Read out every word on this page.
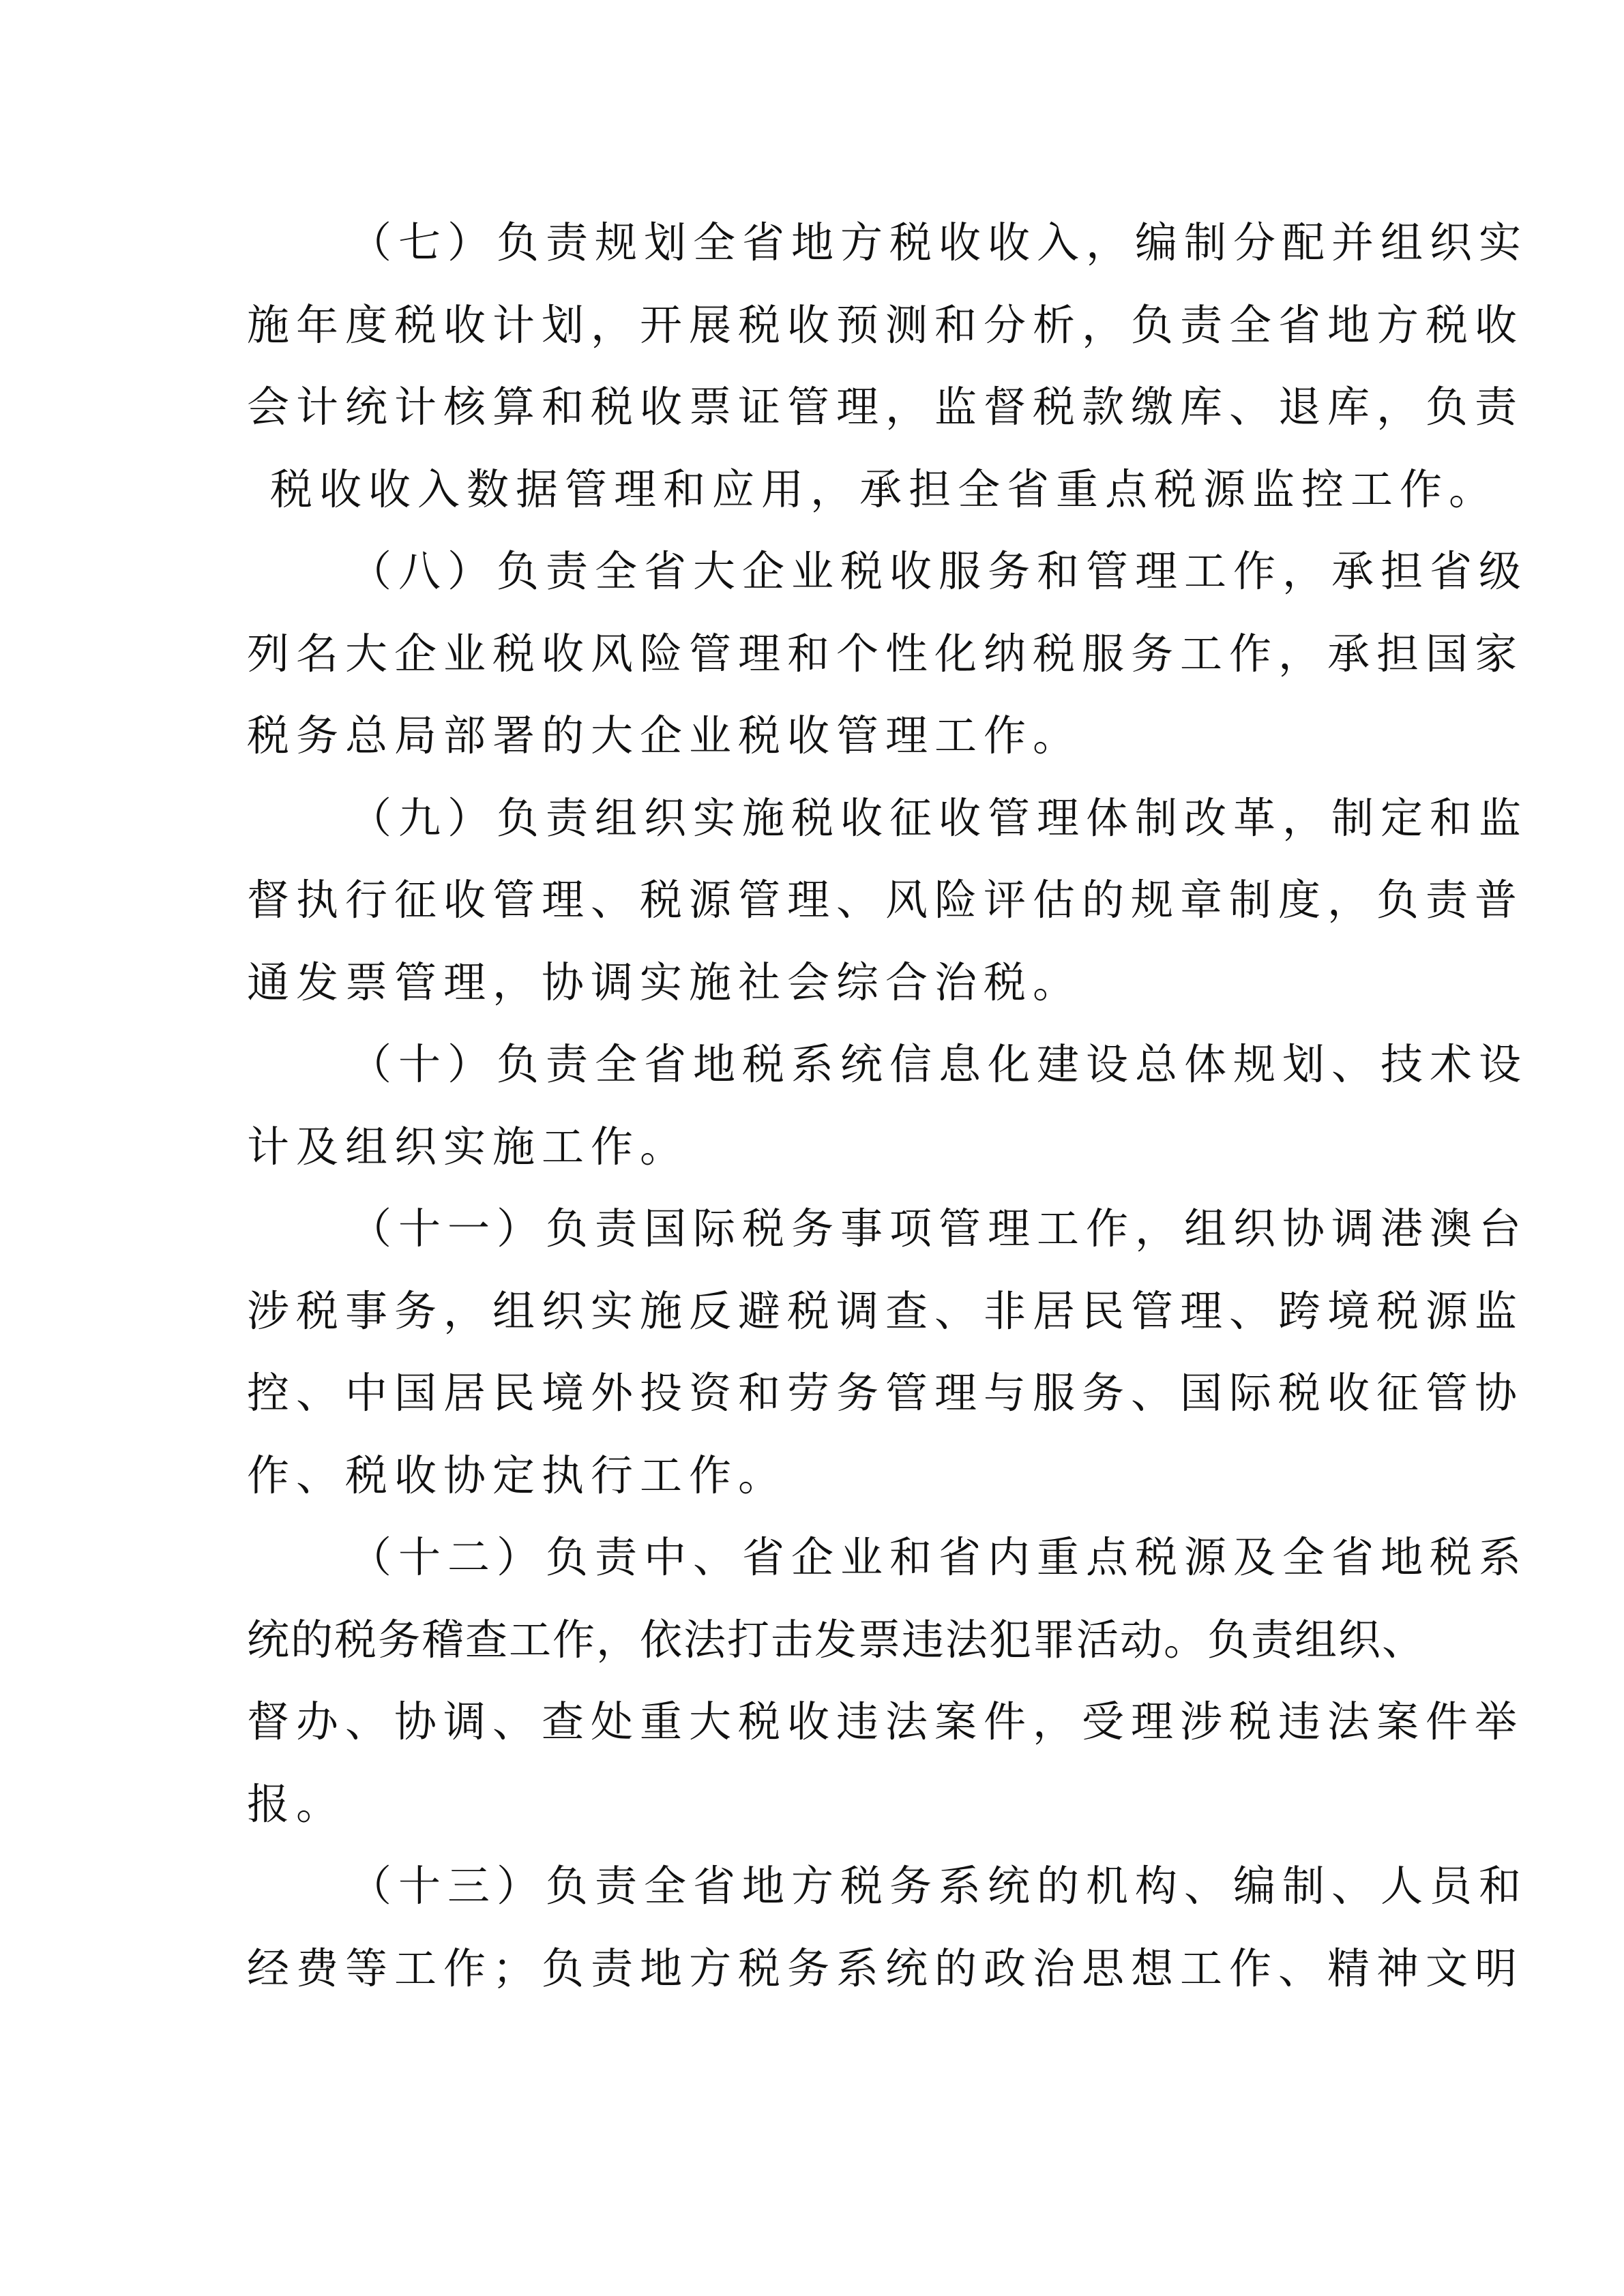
（七）负责规划全省地方税收收入，编制分配并组织实
施年度税收计划，开展税收预测和分析，负责全省地方税收
会计统计核算和税收票证管理，监督税款缴库、退库，负责
税收收入数据管理和应用，承担全省重点税源监控工作。

（八）负责全省大企业税收服务和管理工作，承担省级
列名大企业税收风险管理和个性化纳税服务工作，承担国家
税务总局部署的大企业税收管理工作。

（九）负责组织实施税收征收管理体制改革，制定和监
督执行征收管理、税源管理、风险评估的规章制度，负责普
通发票管理，协调实施社会综合治税。

（十）负责全省地税系统信息化建设总体规划、技术设
计及组织实施工作。

（十一）负责国际税务事项管理工作，组织协调港澳台
涉税事务，组织实施反避税调查、非居民管理、跨境税源监
控、中国居民境外投资和劳务管理与服务、国际税收征管协
作、税收协定执行工作。

（十二）负责中、省企业和省内重点税源及全省地税系
统的税务稽查工作，依法打击发票违法犯罪活动。负责组织、
督办、协调、查处重大税收违法案件，受理涉税违法案件举
报。

（十三）负责全省地方税务系统的机构、编制、人员和
经费等工作；负责地方税务系统的政治思想工作、精神文明
